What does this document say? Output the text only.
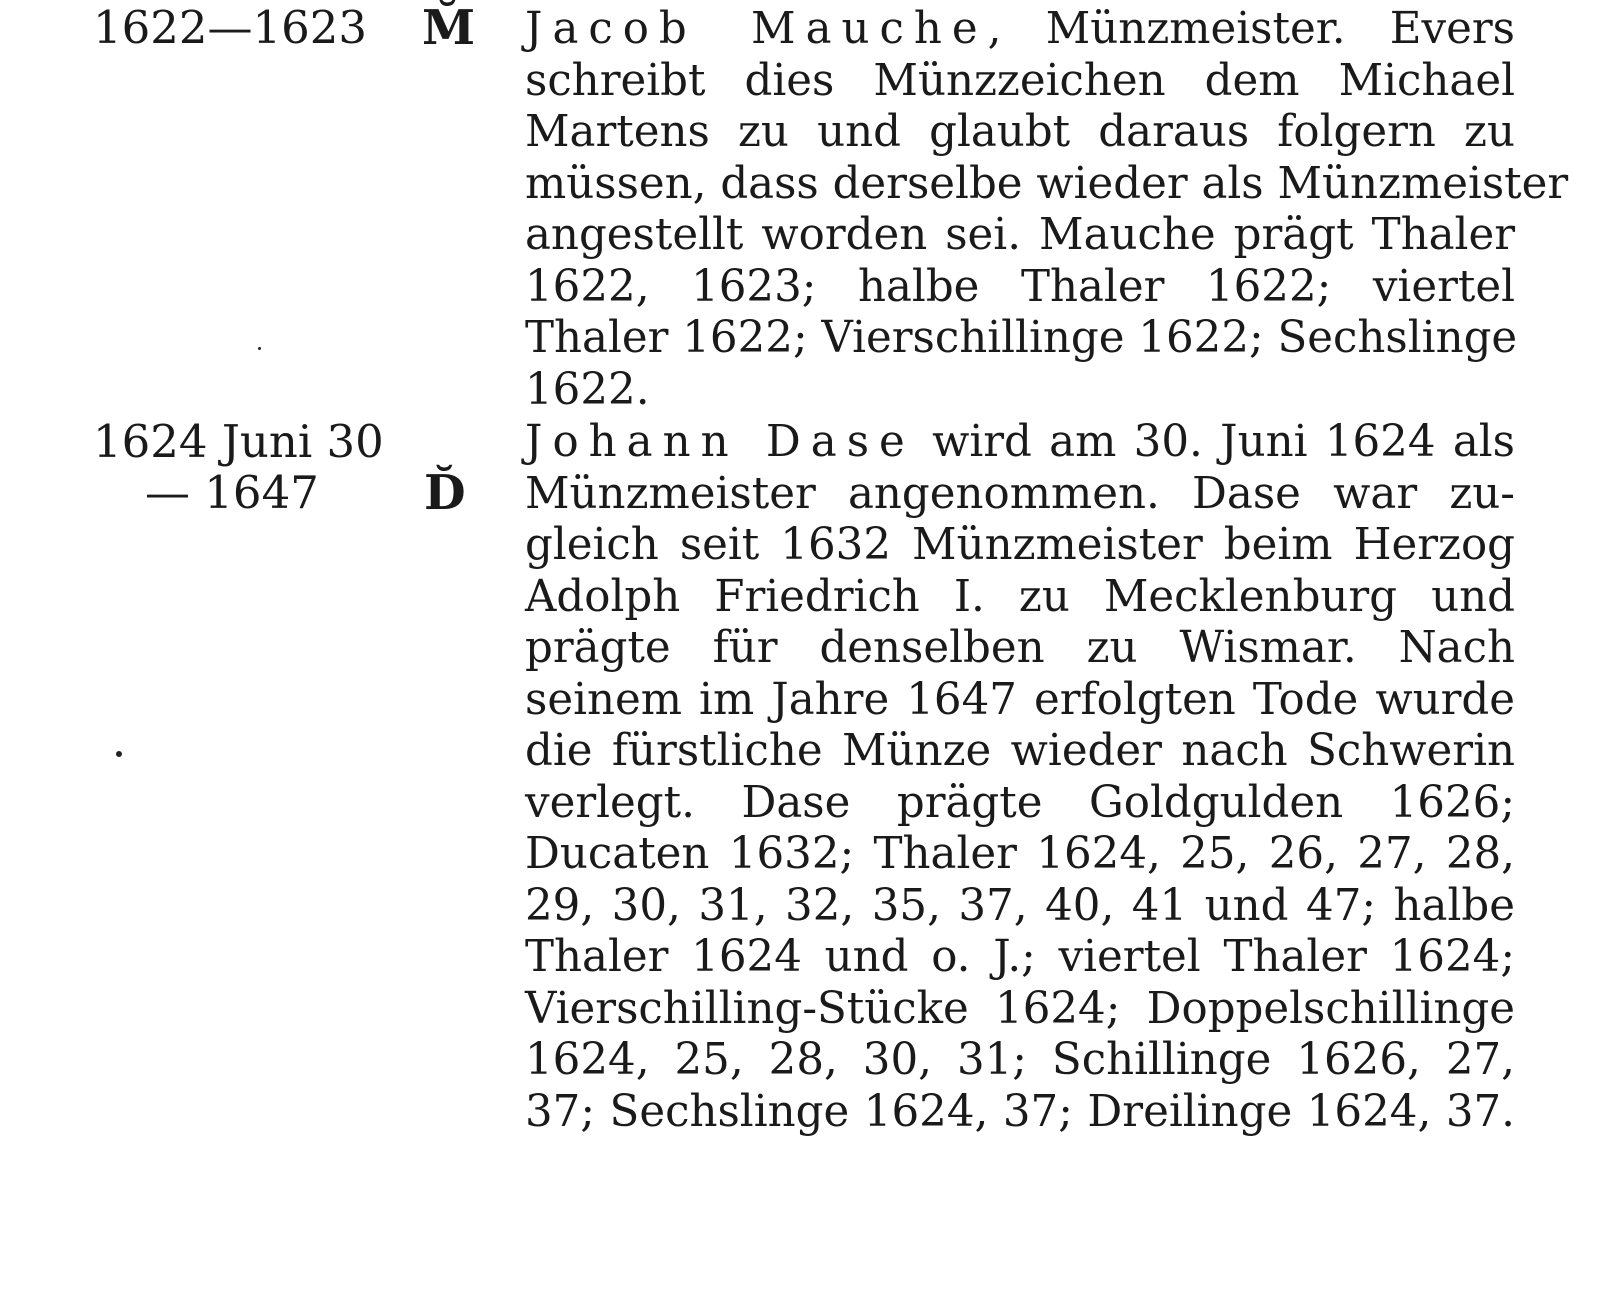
1622—1623 M̆ Jacob Mauche, Münzmeister. Evers
schreibt dies Münzzeichen dem Michael
Martens zu und glaubt daraus folgern zu
müssen, dass derselbe wieder als Münzmeister
angestellt worden sei. Mauche prägt Thaler
1622, 1623; halbe Thaler 1622; viertel
Thaler 1622; Vierschillinge 1622; Sechslinge
1622.
1624 Juni 30
— 1647 D̆
Johann Dase wird am 30. Juni 1624 als
Münzmeister angenommen. Dase war zu-
gleich seit 1632 Münzmeister beim Herzog
Adolph Friedrich I. zu Mecklenburg und
prägte für denselben zu Wismar. Nach
seinem im Jahre 1647 erfolgten Tode wurde
die fürstliche Münze wieder nach Schwerin
verlegt. Dase prägte Goldgulden 1626;
Ducaten 1632; Thaler 1624, 25, 26, 27, 28,
29, 30, 31, 32, 35, 37, 40, 41 und 47; halbe
Thaler 1624 und o. J.; viertel Thaler 1624;
Vierschilling-Stücke 1624; Doppelschillinge
1624, 25, 28, 30, 31; Schillinge 1626, 27,
37; Sechslinge 1624, 37; Dreilinge 1624, 37.
